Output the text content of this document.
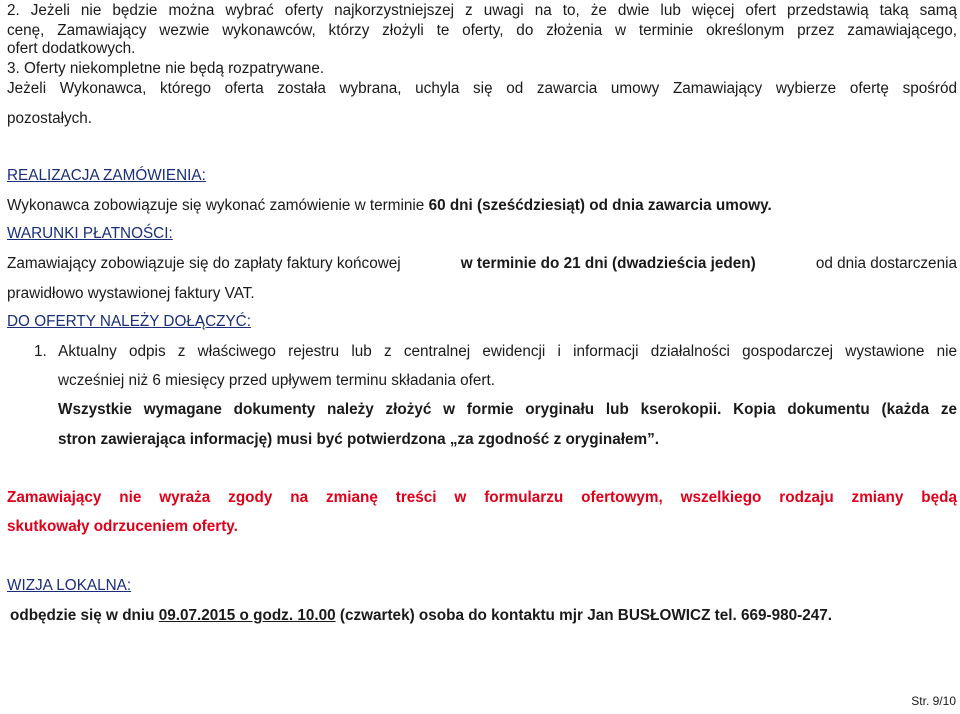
2. Jeżeli nie będzie można wybrać oferty najkorzystniejszej z uwagi na to, że dwie lub więcej ofert przedstawią taką samą

cenę, Zamawiający wezwie wykonawców, którzy złożyli te oferty, do złożenia w terminie określonym przez zamawiającego,

ofert dodatkowych.

3. Oferty niekompletne nie będą rozpatrywane.

Jeżeli Wykonawca, którego oferta została wybrana, uchyla się od zawarcia umowy Zamawiający wybierze ofertę spośród

pozostałych.

REALIZACJA ZAMÓWIENIA:

Wykonawca zobowiązuje się wykonać zamówienie w terminie 60 dni (sześćdziesiąt) od dnia zawarcia umowy.

WARUNKI PŁATNOŚCI:

Zamawiający zobowiązuje się do zapłaty faktury końcowej	w terminie do 21 dni (dwadzieścia jeden)	od dnia dostarczenia

prawidłowo wystawionej faktury VAT.

DO OFERTY NALEŻY DOŁĄCZYĆ:

1. Aktualny odpis z właściwego rejestru lub z centralnej ewidencji i informacji działalności gospodarczej wystawione nie

wcześniej niż 6 miesięcy przed upływem terminu składania ofert.

Wszystkie wymagane dokumenty należy złożyć w formie oryginału lub kserokopii. Kopia dokumentu (każda ze

stron zawierająca informację) musi być potwierdzona „za zgodność z oryginałem”.

Zamawiający nie wyraża zgody na zmianę treści w formularzu ofertowym, wszelkiego rodzaju zmiany będą

skutkowały odrzuceniem oferty.

WIZJA LOKALNA:

odbędzie się w dniu 09.07.2015 o godz. 10.00 (czwartek) osoba do kontaktu mjr Jan BUSŁOWICZ tel. 669-980-247.

Str. 9/10
